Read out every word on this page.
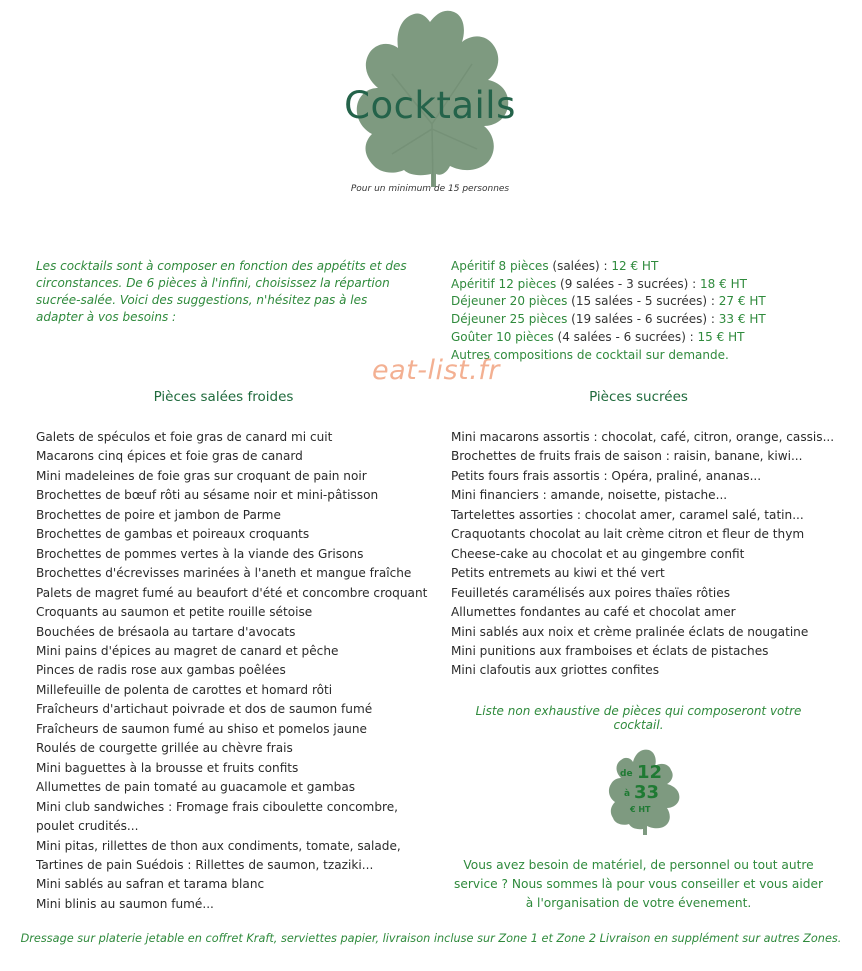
Cocktails
Pour un minimum de 15 personnes
Les cocktails sont à composer en fonction des appétits et des circonstances. De 6 pièces à l'infini, choisissez la répartion sucrée-salée. Voici des suggestions, n'hésitez pas à les adapter à vos besoins :
Apéritif 8 pièces (salées) : 12 € HT
Apéritif 12 pièces (9 salées - 3 sucrées) : 18 € HT
Déjeuner 20 pièces (15 salées - 5 sucrées) : 27 € HT
Déjeuner 25 pièces (19 salées - 6 sucrées) : 33 € HT
Goûter 10 pièces (4 salées - 6 sucrées) : 15 € HT
Autres compositions de cocktail sur demande.
eat-list.fr
Pièces salées froides	Pièces sucrées
Galets de spéculos et foie gras de canard mi cuit
Macarons cinq épices et foie gras de canard
Mini madeleines de foie gras sur croquant de pain noir
Brochettes de bœuf rôti au sésame noir et mini-pâtisson
Brochettes de poire et jambon de Parme
Brochettes de gambas et poireaux croquants
Brochettes de pommes vertes à la viande des Grisons
Brochettes d'écrevisses marinées à l'aneth et mangue fraîche
Palets de magret fumé au beaufort d'été et concombre croquant
Croquants au saumon et petite rouille sétoise
Bouchées de brésaola au tartare d'avocats
Mini pains d'épices au magret de canard et pêche
Pinces de radis rose aux gambas poêlées
Millefeuille de polenta de carottes et homard rôti
Fraîcheurs d'artichaut poivrade et dos de saumon fumé
Fraîcheurs de saumon fumé au shiso et pomelos jaune
Roulés de courgette grillée au chèvre frais
Mini baguettes à la brousse et fruits confits
Allumettes de pain tomaté au guacamole et gambas
Mini club sandwiches : Fromage frais ciboulette concombre,
poulet crudités...
Mini pitas, rillettes de thon aux condiments, tomate, salade,
Tartines de pain Suédois : Rillettes de saumon, tzaziki...
Mini sablés au safran et tarama blanc
Mini blinis au saumon fumé...
Mini macarons assortis : chocolat, café, citron, orange, cassis...
Brochettes de fruits frais de saison : raisin, banane, kiwi...
Petits fours frais assortis : Opéra, praliné, ananas...
Mini financiers : amande, noisette, pistache...
Tartelettes assorties : chocolat amer, caramel salé, tatin...
Craquotants chocolat au lait crème citron et fleur de thym
Cheese-cake au chocolat et au gingembre confit
Petits entremets au kiwi et thé vert
Feuilletés caramélisés aux poires thaïes rôties
Allumettes fondantes au café et chocolat amer
Mini sablés aux noix et crème pralinée éclats de nougatine
Mini punitions aux framboises et éclats de pistaches
Mini clafoutis aux griottes confites
Liste non exhaustive de pièces qui composeront votre cocktail.
de 12
à 33
€ HT
Vous avez besoin de matériel, de personnel ou tout autre service ? Nous sommes là pour vous conseiller et vous aider à l'organisation de votre évenement.
Dressage sur platerie jetable en coffret Kraft, serviettes papier, livraison incluse sur Zone 1 et Zone 2 Livraison en supplément sur autres Zones.
